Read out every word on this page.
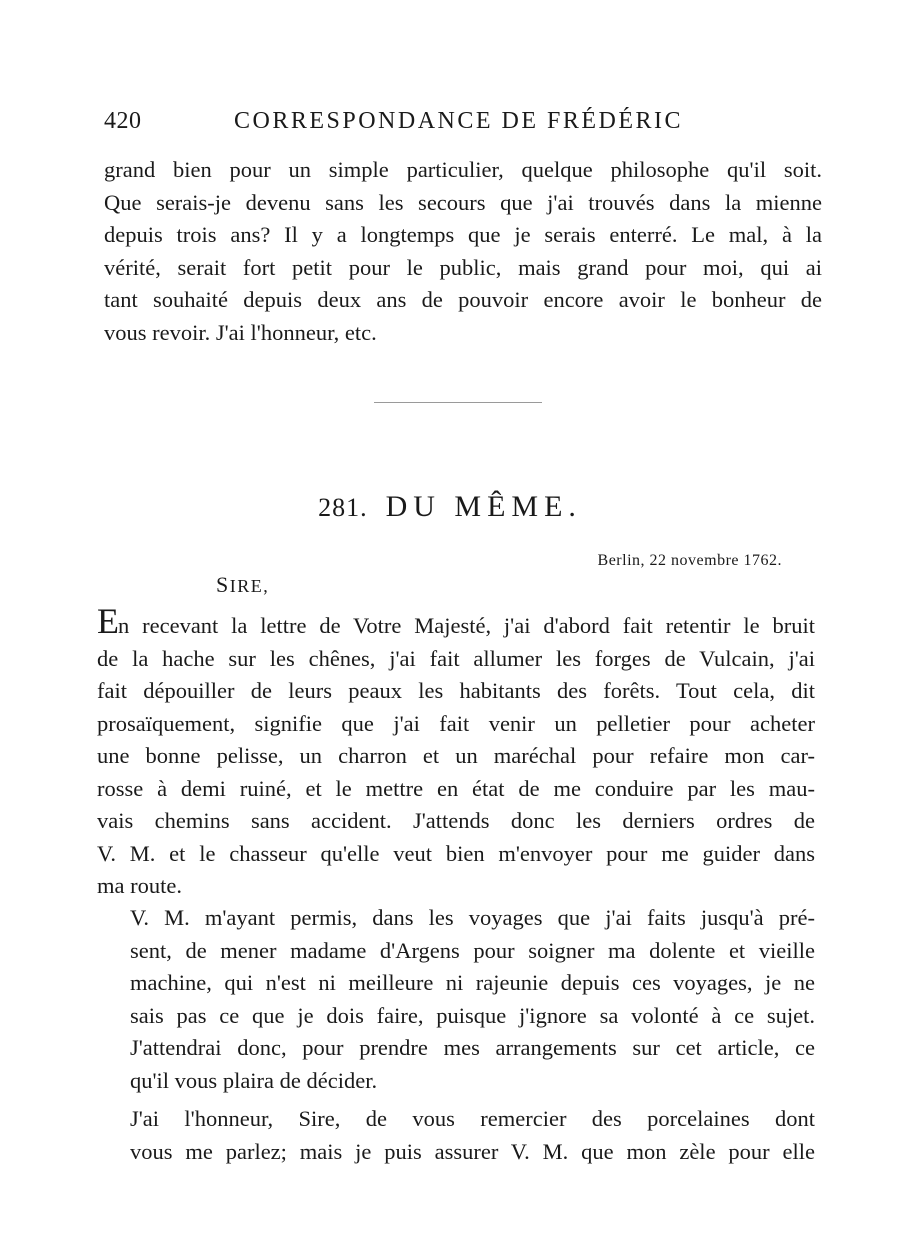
420	CORRESPONDANCE DE FRÉDÉRIC
grand bien pour un simple particulier, quelque philosophe qu'il soit.
Que serais-je devenu sans les secours que j'ai trouvés dans la mienne
depuis trois ans? Il y a longtemps que je serais enterré. Le mal, à la
vérité, serait fort petit pour le public, mais grand pour moi, qui ai
tant souhaité depuis deux ans de pouvoir encore avoir le bonheur de
vous revoir. J'ai l'honneur, etc.
281. DU MÊME.
Berlin, 22 novembre 1762.
SIRE,
En recevant la lettre de Votre Majesté, j'ai d'abord fait retentir le bruit
de la hache sur les chênes, j'ai fait allumer les forges de Vulcain, j'ai
fait dépouiller de leurs peaux les habitants des forêts. Tout cela, dit
prosaïquement, signifie que j'ai fait venir un pelletier pour acheter
une bonne pelisse, un charron et un maréchal pour refaire mon car-
rosse à demi ruiné, et le mettre en état de me conduire par les mau-
vais chemins sans accident. J'attends donc les derniers ordres de
V. M. et le chasseur qu'elle veut bien m'envoyer pour me guider dans
ma route.
V. M. m'ayant permis, dans les voyages que j'ai faits jusqu'à pré-
sent, de mener madame d'Argens pour soigner ma dolente et vieille
machine, qui n'est ni meilleure ni rajeunie depuis ces voyages, je ne
sais pas ce que je dois faire, puisque j'ignore sa volonté à ce sujet.
J'attendrai donc, pour prendre mes arrangements sur cet article, ce
qu'il vous plaira de décider.
J'ai l'honneur, Sire, de vous remercier des porcelaines dont
vous me parlez; mais je puis assurer V. M. que mon zèle pour elle
